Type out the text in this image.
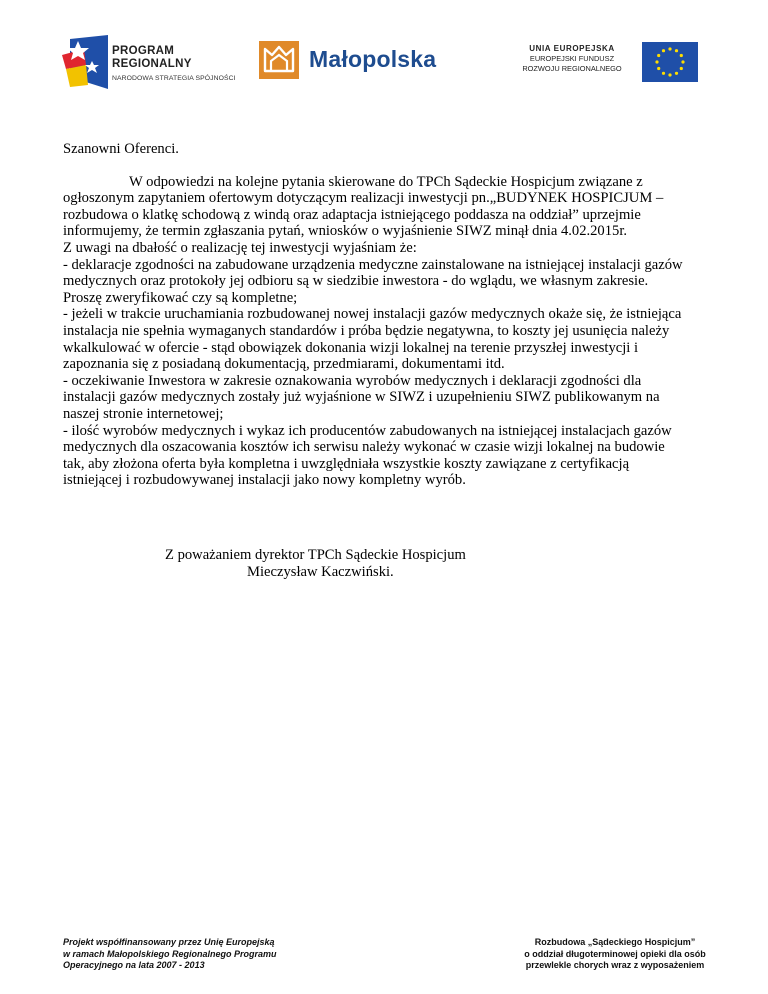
PROGRAM
REGIONALNY
NARODOWA STRATEGIA SPÓJNOŚCI
Małopolska	UNIA EUROPEJSKA
EUROPEJSKI FUNDUSZ
ROZWOJU REGIONALNEGO

Szanowni Oferenci.

W odpowiedzi na kolejne pytania skierowane do TPCh Sądeckie Hospicjum związane z ogłoszonym zapytaniem ofertowym dotyczącym realizacji inwestycji pn.„BUDYNEK HOSPICJUM – rozbudowa o klatkę schodową z windą oraz adaptacja istniejącego poddasza na oddział” uprzejmie informujemy, że termin zgłaszania pytań, wniosków o wyjaśnienie SIWZ minął dnia 4.02.2015r.

Z uwagi na dbałość o realizację tej inwestycji wyjaśniam że:

- deklaracje zgodności na zabudowane urządzenia medyczne zainstalowane na istniejącej instalacji gazów medycznych oraz protokoły jej odbioru są w siedzibie inwestora - do wglądu, we własnym zakresie. Proszę zweryfikować czy są kompletne;

- jeżeli w trakcie uruchamiania rozbudowanej nowej instalacji gazów medycznych okaże się, że istniejąca instalacja nie spełnia wymaganych standardów i próba będzie negatywna, to koszty jej usunięcia należy wkalkulować w ofercie - stąd obowiązek dokonania wizji lokalnej na terenie przyszłej inwestycji i zapoznania się z posiadaną dokumentacją, przedmiarami, dokumentami itd.

- oczekiwanie Inwestora w zakresie oznakowania wyrobów medycznych i deklaracji zgodności dla instalacji gazów medycznych zostały już wyjaśnione w SIWZ i uzupełnieniu SIWZ publikowanym na naszej stronie internetowej;

- ilość wyrobów medycznych i wykaz ich producentów zabudowanych na istniejącej instalacjach gazów medycznych dla oszacowania kosztów ich serwisu należy wykonać w czasie wizji lokalnej na budowie tak, aby złożona oferta była kompletna i uwzględniała wszystkie koszty zawiązane z certyfikacją istniejącej i rozbudowywanej instalacji jako nowy kompletny wyrób.

Z poważaniem dyrektor TPCh Sądeckie Hospicjum
Mieczysław Kaczwiński.
Projekt współfinansowany przez Unię Europejską
w ramach Małopolskiego Regionalnego Programu
Operacyjnego na lata 2007 - 2013
Rozbudowa „Sądeckiego Hospicjum”
o oddział długoterminowej opieki dla osób
przewlekle chorych wraz z wyposażeniem
